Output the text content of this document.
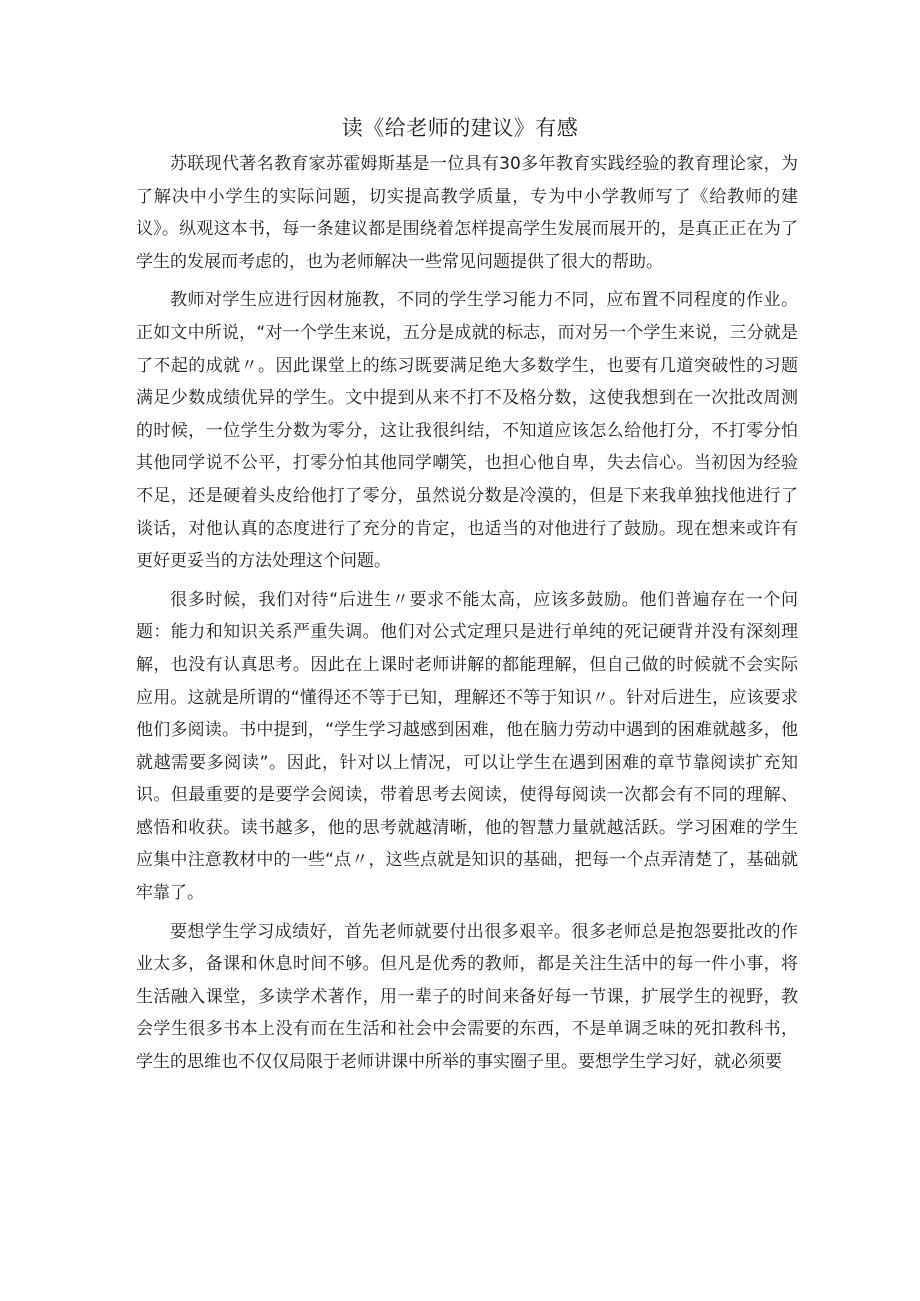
读《给老师的建议》有感

苏联现代著名教育家苏霍姆斯基是一位具有30多年教育实践经验的教育理论家，为了解决中小学生的实际问题，切实提高教学质量，专为中小学教师写了《给教师的建议》。纵观这本书，每一条建议都是围绕着怎样提高学生发展而展开的，是真正正在为了学生的发展而考虑的，也为老师解决一些常见问题提供了很大的帮助。

教师对学生应进行因材施教，不同的学生学习能力不同，应布置不同程度的作业。正如文中所说，“对一个学生来说，五分是成就的标志，而对另一个学生来说，三分就是了不起的成就〃。因此课堂上的练习既要满足绝大多数学生，也要有几道突破性的习题满足少数成绩优异的学生。文中提到从来不打不及格分数，这使我想到在一次批改周测的时候，一位学生分数为零分，这让我很纠结，不知道应该怎么给他打分，不打零分怕其他同学说不公平，打零分怕其他同学嘲笑，也担心他自卑，失去信心。当初因为经验不足，还是硬着头皮给他打了零分，虽然说分数是冷漠的，但是下来我单独找他进行了谈话，对他认真的态度进行了充分的肯定，也适当的对他进行了鼓励。现在想来或许有更好更妥当的方法处理这个问题。

很多时候，我们对待“后进生〃要求不能太高，应该多鼓励。他们普遍存在一个问题：能力和知识关系严重失调。他们对公式定理只是进行单纯的死记硬背并没有深刻理解，也没有认真思考。因此在上课时老师讲解的都能理解，但自己做的时候就不会实际应用。这就是所谓的“懂得还不等于已知，理解还不等于知识〃。针对后进生，应该要求他们多阅读。书中提到，“学生学习越感到困难，他在脑力劳动中遇到的困难就越多，他就越需要多阅读”。因此，针对以上情况，可以让学生在遇到困难的章节靠阅读扩充知识。但最重要的是要学会阅读，带着思考去阅读，使得每阅读一次都会有不同的理解、感悟和收获。读书越多，他的思考就越清晰，他的智慧力量就越活跃。学习困难的学生应集中注意教材中的一些“点〃，这些点就是知识的基础，把每一个点弄清楚了，基础就牢靠了。

要想学生学习成绩好，首先老师就要付出很多艰辛。很多老师总是抱怨要批改的作业太多，备课和休息时间不够。但凡是优秀的教师，都是关注生活中的每一件小事，将生活融入课堂，多读学术著作，用一辈子的时间来备好每一节课，扩展学生的视野，教会学生很多书本上没有而在生活和社会中会需要的东西，不是单调乏味的死扣教科书，学生的思维也不仅仅局限于老师讲课中所举的事实圈子里。要想学生学习好，就必须要
